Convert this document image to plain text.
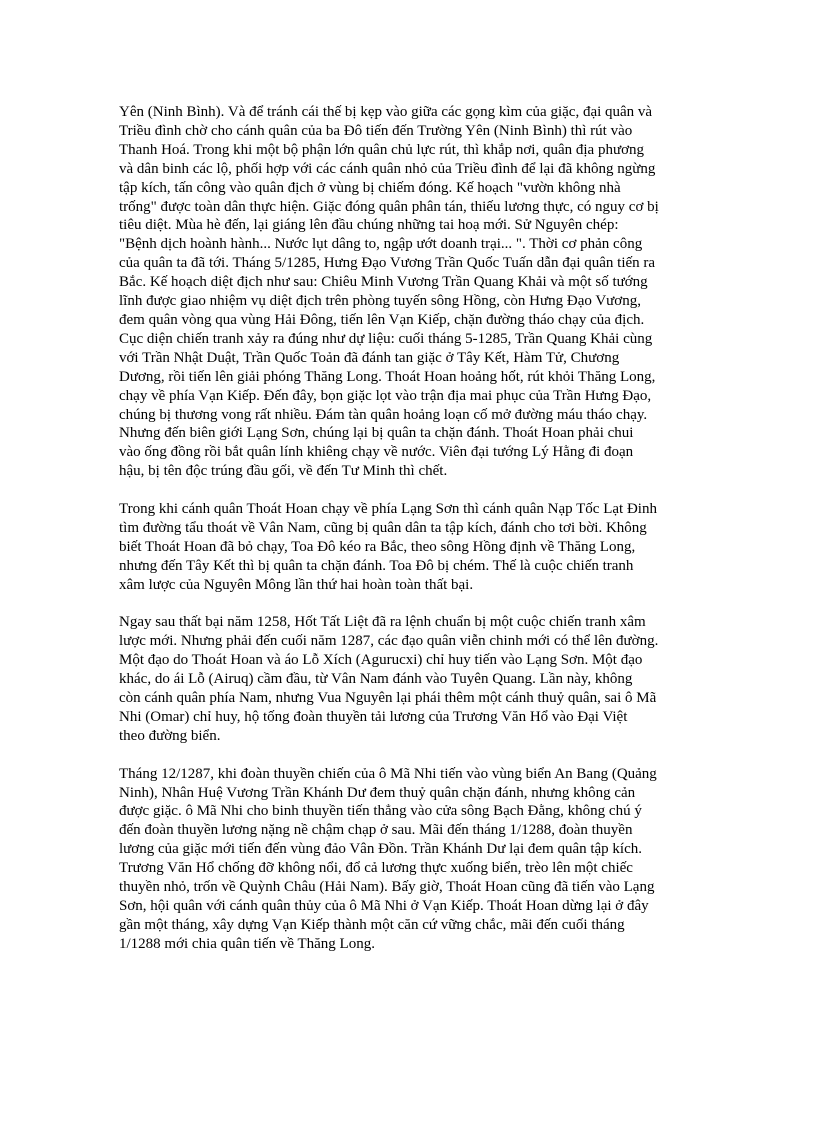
Yên (Ninh Bình). Và để tránh cái thế bị kẹp vào giữa các gọng kìm của giặc, đại quân và
Triều đình chờ cho cánh quân của ba Đô tiến đến Trường Yên (Ninh Bình) thì rút vào
Thanh Hoá. Trong khi một bộ phận lớn quân chủ lực rút, thì khắp nơi, quân địa phương
và dân binh các lộ, phối hợp với các cánh quân nhỏ của Triều đình để lại đã không ngừng
tập kích, tấn công vào quân địch ở vùng bị chiếm đóng. Kế hoạch "vườn không nhà
trống" được toàn dân thực hiện. Giặc đóng quân phân tán, thiếu lương thực, có nguy cơ bị
tiêu diệt. Mùa hè đến, lại giáng lên đầu chúng những tai hoạ mới. Sử Nguyên chép:
"Bệnh dịch hoành hành... Nước lụt dâng to, ngập ướt doanh trại... ". Thời cơ phản công
của quân ta đã tới. Tháng 5/1285, Hưng Đạo Vương Trần Quốc Tuấn dẫn đại quân tiến ra
Bắc. Kế hoạch diệt địch như sau: Chiêu Minh Vương Trần Quang Khải và một số tướng
lĩnh được giao nhiệm vụ diệt địch trên phòng tuyến sông Hồng, còn Hưng Đạo Vương,
đem quân vòng qua vùng Hải Đông, tiến lên Vạn Kiếp, chặn đường tháo chạy của địch.
Cục diện chiến tranh xảy ra đúng như dự liệu: cuối tháng 5-1285, Trần Quang Khải cùng
với Trần Nhật Duật, Trần Quốc Toản đã đánh tan giặc ở Tây Kết, Hàm Tử, Chương
Dương, rồi tiến lên giải phóng Thăng Long. Thoát Hoan hoảng hốt, rút khỏi Thăng Long,
chạy về phía Vạn Kiếp. Đến đây, bọn giặc lọt vào trận địa mai phục của Trần Hưng Đạo,
chúng bị thương vong rất nhiều. Đám tàn quân hoảng loạn cố mở đường máu tháo chạy.
Nhưng đến biên giới Lạng Sơn, chúng lại bị quân ta chặn đánh. Thoát Hoan phải chui
vào ống đồng rồi bắt quân lính khiêng chạy về nước. Viên đại tướng Lý Hằng đi đoạn
hậu, bị tên độc trúng đầu gối, về đến Tư Minh thì chết.
Trong khi cánh quân Thoát Hoan chạy về phía Lạng Sơn thì cánh quân Nạp Tốc Lạt Đinh
tìm đường tẩu thoát về Vân Nam, cũng bị quân dân ta tập kích, đánh cho tơi bời. Không
biết Thoát Hoan đã bỏ chạy, Toa Đô kéo ra Bắc, theo sông Hồng định về Thăng Long,
nhưng đến Tây Kết thì bị quân ta chặn đánh. Toa Đô bị chém. Thế là cuộc chiến tranh
xâm lược của Nguyên Mông lần thứ hai hoàn toàn thất bại.
Ngay sau thất bại năm 1258, Hốt Tất Liệt đã ra lệnh chuẩn bị một cuộc chiến tranh xâm
lược mới. Nhưng phải đến cuối năm 1287, các đạo quân viễn chinh mới có thể lên đường.
Một đạo do Thoát Hoan và áo Lỗ Xích (Agurucxi) chỉ huy tiến vào Lạng Sơn. Một đạo
khác, do ái Lỗ (Airuq) cầm đầu, từ Vân Nam đánh vào Tuyên Quang. Lần này, không
còn cánh quân phía Nam, nhưng Vua Nguyên lại phái thêm một cánh thuỷ quân, sai ô Mã
Nhi (Omar) chỉ huy, hộ tống đoàn thuyền tải lương của Trương Văn Hổ vào Đại Việt
theo đường biển.
Tháng 12/1287, khi đoàn thuyền chiến của ô Mã Nhi tiến vào vùng biển An Bang (Quảng
Ninh), Nhân Huệ Vương Trần Khánh Dư đem thuỷ quân chặn đánh, nhưng không cản
được giặc. ô Mã Nhi cho binh thuyền tiến thẳng vào cửa sông Bạch Đằng, không chú ý
đến đoàn thuyền lương nặng nề chậm chạp ở sau. Mãi đến tháng 1/1288, đoàn thuyền
lương của giặc mới tiến đến vùng đảo Vân Đồn. Trần Khánh Dư lại đem quân tập kích.
Trương Văn Hổ chống đỡ không nổi, đổ cả lương thực xuống biển, trèo lên một chiếc
thuyền nhỏ, trốn về Quỳnh Châu (Hải Nam). Bấy giờ, Thoát Hoan cũng đã tiến vào Lạng
Sơn, hội quân với cánh quân thủy của ô Mã Nhi ở Vạn Kiếp. Thoát Hoan dừng lại ở đây
gần một tháng, xây dựng Vạn Kiếp thành một căn cứ vững chắc, mãi đến cuối tháng
1/1288 mới chia quân tiến về Thăng Long.
